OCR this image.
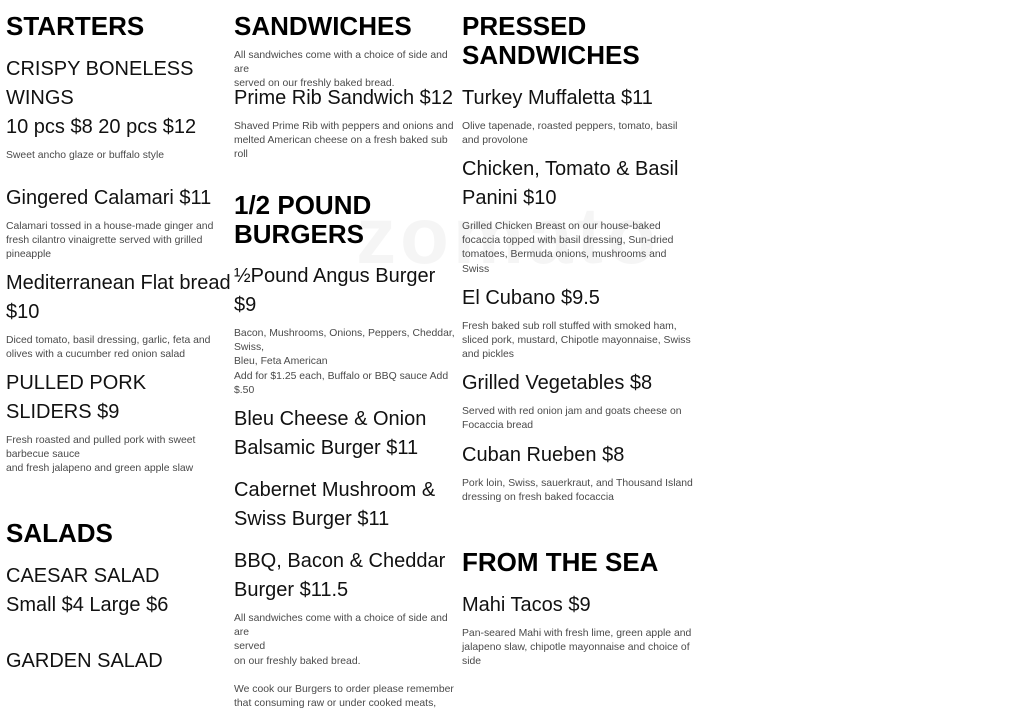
STARTERS
CRISPY BONELESS
WINGS
10 pcs $8 20 pcs $12
Sweet ancho glaze or buffalo style
Gingered Calamari $11
Calamari tossed in a house-made ginger and
fresh cilantro vinaigrette served with grilled
pineapple
Mediterranean Flat bread
$10
Diced tomato, basil dressing, garlic, feta and
olives with a cucumber red onion salad
PULLED PORK
SLIDERS $9
Fresh roasted and pulled pork with sweet
barbecue sauce
and fresh jalapeno and green apple slaw
SALADS
CAESAR SALAD
Small $4 Large $6
GARDEN SALAD
SANDWICHES
All sandwiches come with a choice of side and are
served on our freshly baked bread.
Prime Rib Sandwich $12
Shaved Prime Rib with peppers and onions and
melted American cheese on a fresh baked sub roll
1/2 POUND
BURGERS
½Pound Angus Burger
$9
Bacon, Mushrooms, Onions, Peppers, Cheddar,
Swiss,
Bleu, Feta American
Add for $1.25 each, Buffalo or BBQ sauce Add
$.50
Bleu Cheese & Onion
Balsamic Burger $11
Cabernet Mushroom &
Swiss Burger $11
BBQ, Bacon & Cheddar
Burger $11.5
All sandwiches come with a choice of side and are
served
on our freshly baked bread.

We cook our Burgers to order please remember
that consuming raw or under cooked meats,
PRESSED
SANDWICHES
Turkey Muffaletta $11
Olive tapenade, roasted peppers, tomato, basil
and provolone
Chicken, Tomato & Basil
Panini $10
Grilled Chicken Breast on our house-baked
focaccia topped with basil dressing, Sun-dried
tomatoes, Bermuda onions, mushrooms and
Swiss
El Cubano $9.5
Fresh baked sub roll stuffed with smoked ham,
sliced pork, mustard, Chipotle mayonnaise, Swiss
and pickles
Grilled Vegetables $8
Served with red onion jam and goats cheese on
Focaccia bread
Cuban Rueben $8
Pork loin, Swiss, sauerkraut, and Thousand Island
dressing on fresh baked focaccia
FROM THE SEA
Mahi Tacos $9
Pan-seared Mahi with fresh lime, green apple and
jalapeno slaw, chipotle mayonnaise and choice of
side
